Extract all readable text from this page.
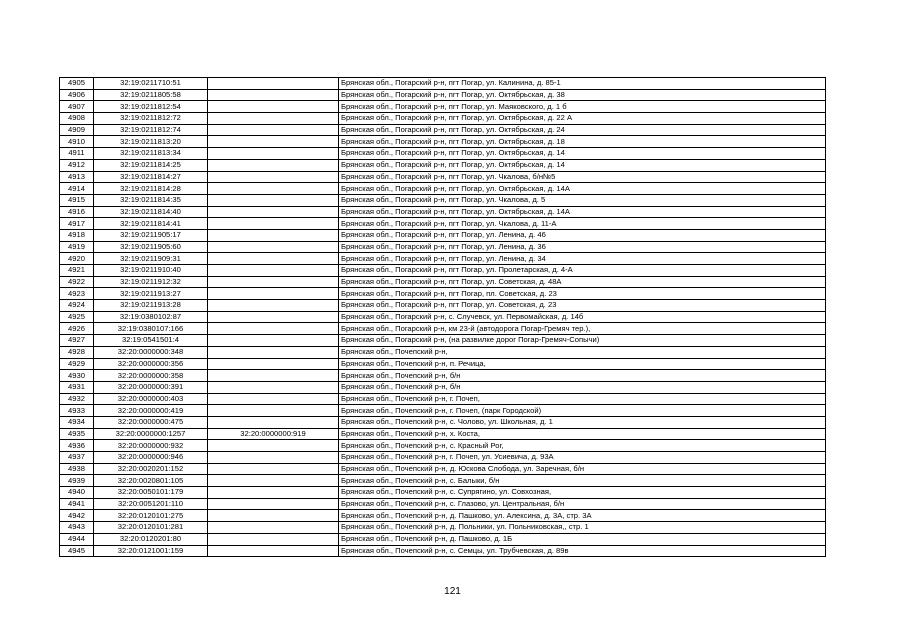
4905	32:19:0211710:51		Брянская обл., Погарский р-н, пгт Погар, ул. Калинина, д. 85-1
4906	32:19:0211805:58		Брянская обл., Погарский р-н, пгт Погар, ул. Октябрьская, д. 38
4907	32:19:0211812:54		Брянская обл., Погарский р-н, пгт Погар, ул. Маяковского, д. 1 б
4908	32:19:0211812:72		Брянская обл., Погарский р-н, пгт Погар, ул. Октябрьская, д. 22 А
4909	32:19:0211812:74		Брянская обл., Погарский р-н, пгт Погар, ул. Октябрьская, д. 24
4910	32:19:0211813:20		Брянская обл., Погарский р-н, пгт Погар, ул. Октябрьская, д. 18
4911	32:19:0211813:34		Брянская обл., Погарский р-н, пгт Погар, ул. Октябрьская, д. 14
4912	32:19:0211814:25		Брянская обл., Погарский р-н, пгт Погар, ул. Октябрьская, д. 14
4913	32:19:0211814:27		Брянская обл., Погарский р-н, пгт Погар, ул. Чкалова, б/н№5
4914	32:19:0211814:28		Брянская обл., Погарский р-н, пгт Погар, ул. Октябрьская, д. 14А
4915	32:19:0211814:35		Брянская обл., Погарский р-н, пгт Погар, ул. Чкалова, д. 5
4916	32:19:0211814:40		Брянская обл., Погарский р-н, пгт Погар, ул. Октябрьская, д. 14А
4917	32:19:0211814:41		Брянская обл., Погарский р-н, пгт Погар, ул. Чкалова, д. 11-А
4918	32:19:0211905:17		Брянская обл., Погарский р-н, пгт Погар, ул. Ленина, д. 46
4919	32:19:0211905:60		Брянская обл., Погарский р-н, пгт Погар, ул. Ленина, д. 36
4920	32:19:0211909:31		Брянская обл., Погарский р-н, пгт Погар, ул. Ленина, д. 34
4921	32:19:0211910:40		Брянская обл., Погарский р-н, пгт Погар, ул. Пролетарская, д. 4-А
4922	32:19:0211912:32		Брянская обл., Погарский р-н, пгт Погар, ул. Советская, д. 48А
4923	32:19:0211913:27		Брянская обл., Погарский р-н, пгт Погар, пл. Советская, д. 23
4924	32:19:0211913:28		Брянская обл., Погарский р-н, пгт Погар, ул. Советская, д. 23
4925	32:19:0380102:87		Брянская обл., Погарский р-н, с. Случевск, ул. Первомайская, д. 14б
4926	32:19:0380107:166		Брянская обл., Погарский р-н, км 23-й (автодорога Погар-Гремяч тер.),
4927	32:19:0541501:4		Брянская обл., Погарский р-н, (на развилке дорог Погар-Гремяч-Сопычи)
4928	32:20:0000000:348		Брянская обл., Почепский р-н,
4929	32:20:0000000:356		Брянская обл., Почепский р-н, п. Речица,
4930	32:20:0000000:358		Брянская обл., Почепский р-н, б/н
4931	32:20:0000000:391		Брянская обл., Почепский р-н, б/н
4932	32:20:0000000:403		Брянская обл., Почепский р-н, г. Почеп,
4933	32:20:0000000:419		Брянская обл., Почепский р-н, г. Почеп, (парк Городской)
4934	32:20:0000000:475		Брянская обл., Почепский р-н, с. Чолово, ул. Школьная, д. 1
4935	32:20:0000000:1257	32:20:0000000:919	Брянская обл., Почепский р-н, х. Коста,
4936	32:20:0000000:932		Брянская обл., Почепский р-н, с. Красный Рог,
4937	32:20:0000000:946		Брянская обл., Почепский р-н, г. Почеп, ул. Усиевича, д. 93А
4938	32:20:0020201:152		Брянская обл., Почепский р-н, д. Юскова Слобода, ул. Заречная, б/н
4939	32:20:0020801:105		Брянская обл., Почепский р-н, с. Балыки, б/н
4940	32:20:0050101:179		Брянская обл., Почепский р-н, с. Супрягино, ул. Совхозная,
4941	32:20:0051201:110		Брянская обл., Почепский р-н, с. Глазово, ул. Центральная, б/н
4942	32:20:0120101:275		Брянская обл., Почепский р-н, д. Пашково, ул. Алексина, д. 3А, стр. 3А
4943	32:20:0120101:281		Брянская обл., Почепский р-н, д. Польники, ул. Польниковская,, стр. 1
4944	32:20:0120201:80		Брянская обл., Почепский р-н, д. Пашково, д. 1Б
4945	32:20:0121001:159		Брянская обл., Почепский р-н, с. Семцы, ул. Трубчевская, д. 89в
121
